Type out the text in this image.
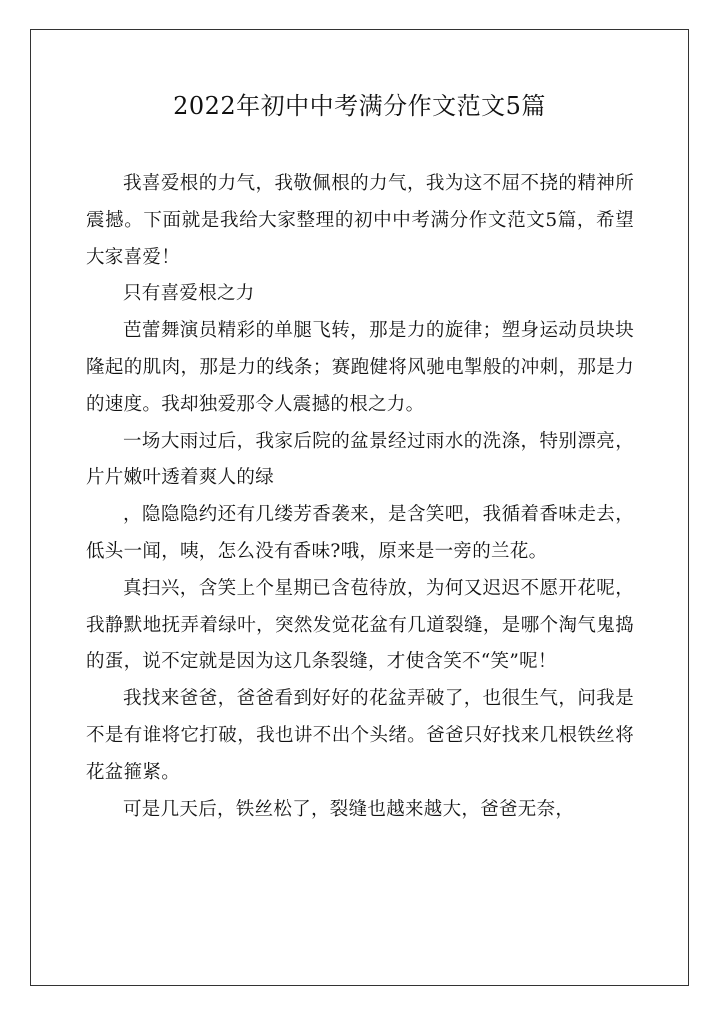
2022年初中中考满分作文范文5篇

我喜爱根的力气，我敬佩根的力气，我为这不屈不挠的精神所震撼。下面就是我给大家整理的初中中考满分作文范文5篇，希望大家喜爱！

只有喜爱根之力

芭蕾舞演员精彩的单腿飞转，那是力的旋律；塑身运动员块块隆起的肌肉，那是力的线条；赛跑健将风驰电掣般的冲刺，那是力的速度。我却独爱那令人震撼的根之力。

一场大雨过后，我家后院的盆景经过雨水的洗涤，特别漂亮，片片嫩叶透着爽人的绿

，隐隐隐约还有几缕芳香袭来，是含笑吧，我循着香味走去，低头一闻，咦，怎么没有香味?哦，原来是一旁的兰花。

真扫兴，含笑上个星期已含苞待放，为何又迟迟不愿开花呢，我静默地抚弄着绿叶，突然发觉花盆有几道裂缝，是哪个淘气鬼捣的蛋，说不定就是因为这几条裂缝，才使含笑不“笑”呢！

我找来爸爸，爸爸看到好好的花盆弄破了，也很生气，问我是不是有谁将它打破，我也讲不出个头绪。爸爸只好找来几根铁丝将花盆箍紧。

可是几天后，铁丝松了，裂缝也越来越大，爸爸无奈，
